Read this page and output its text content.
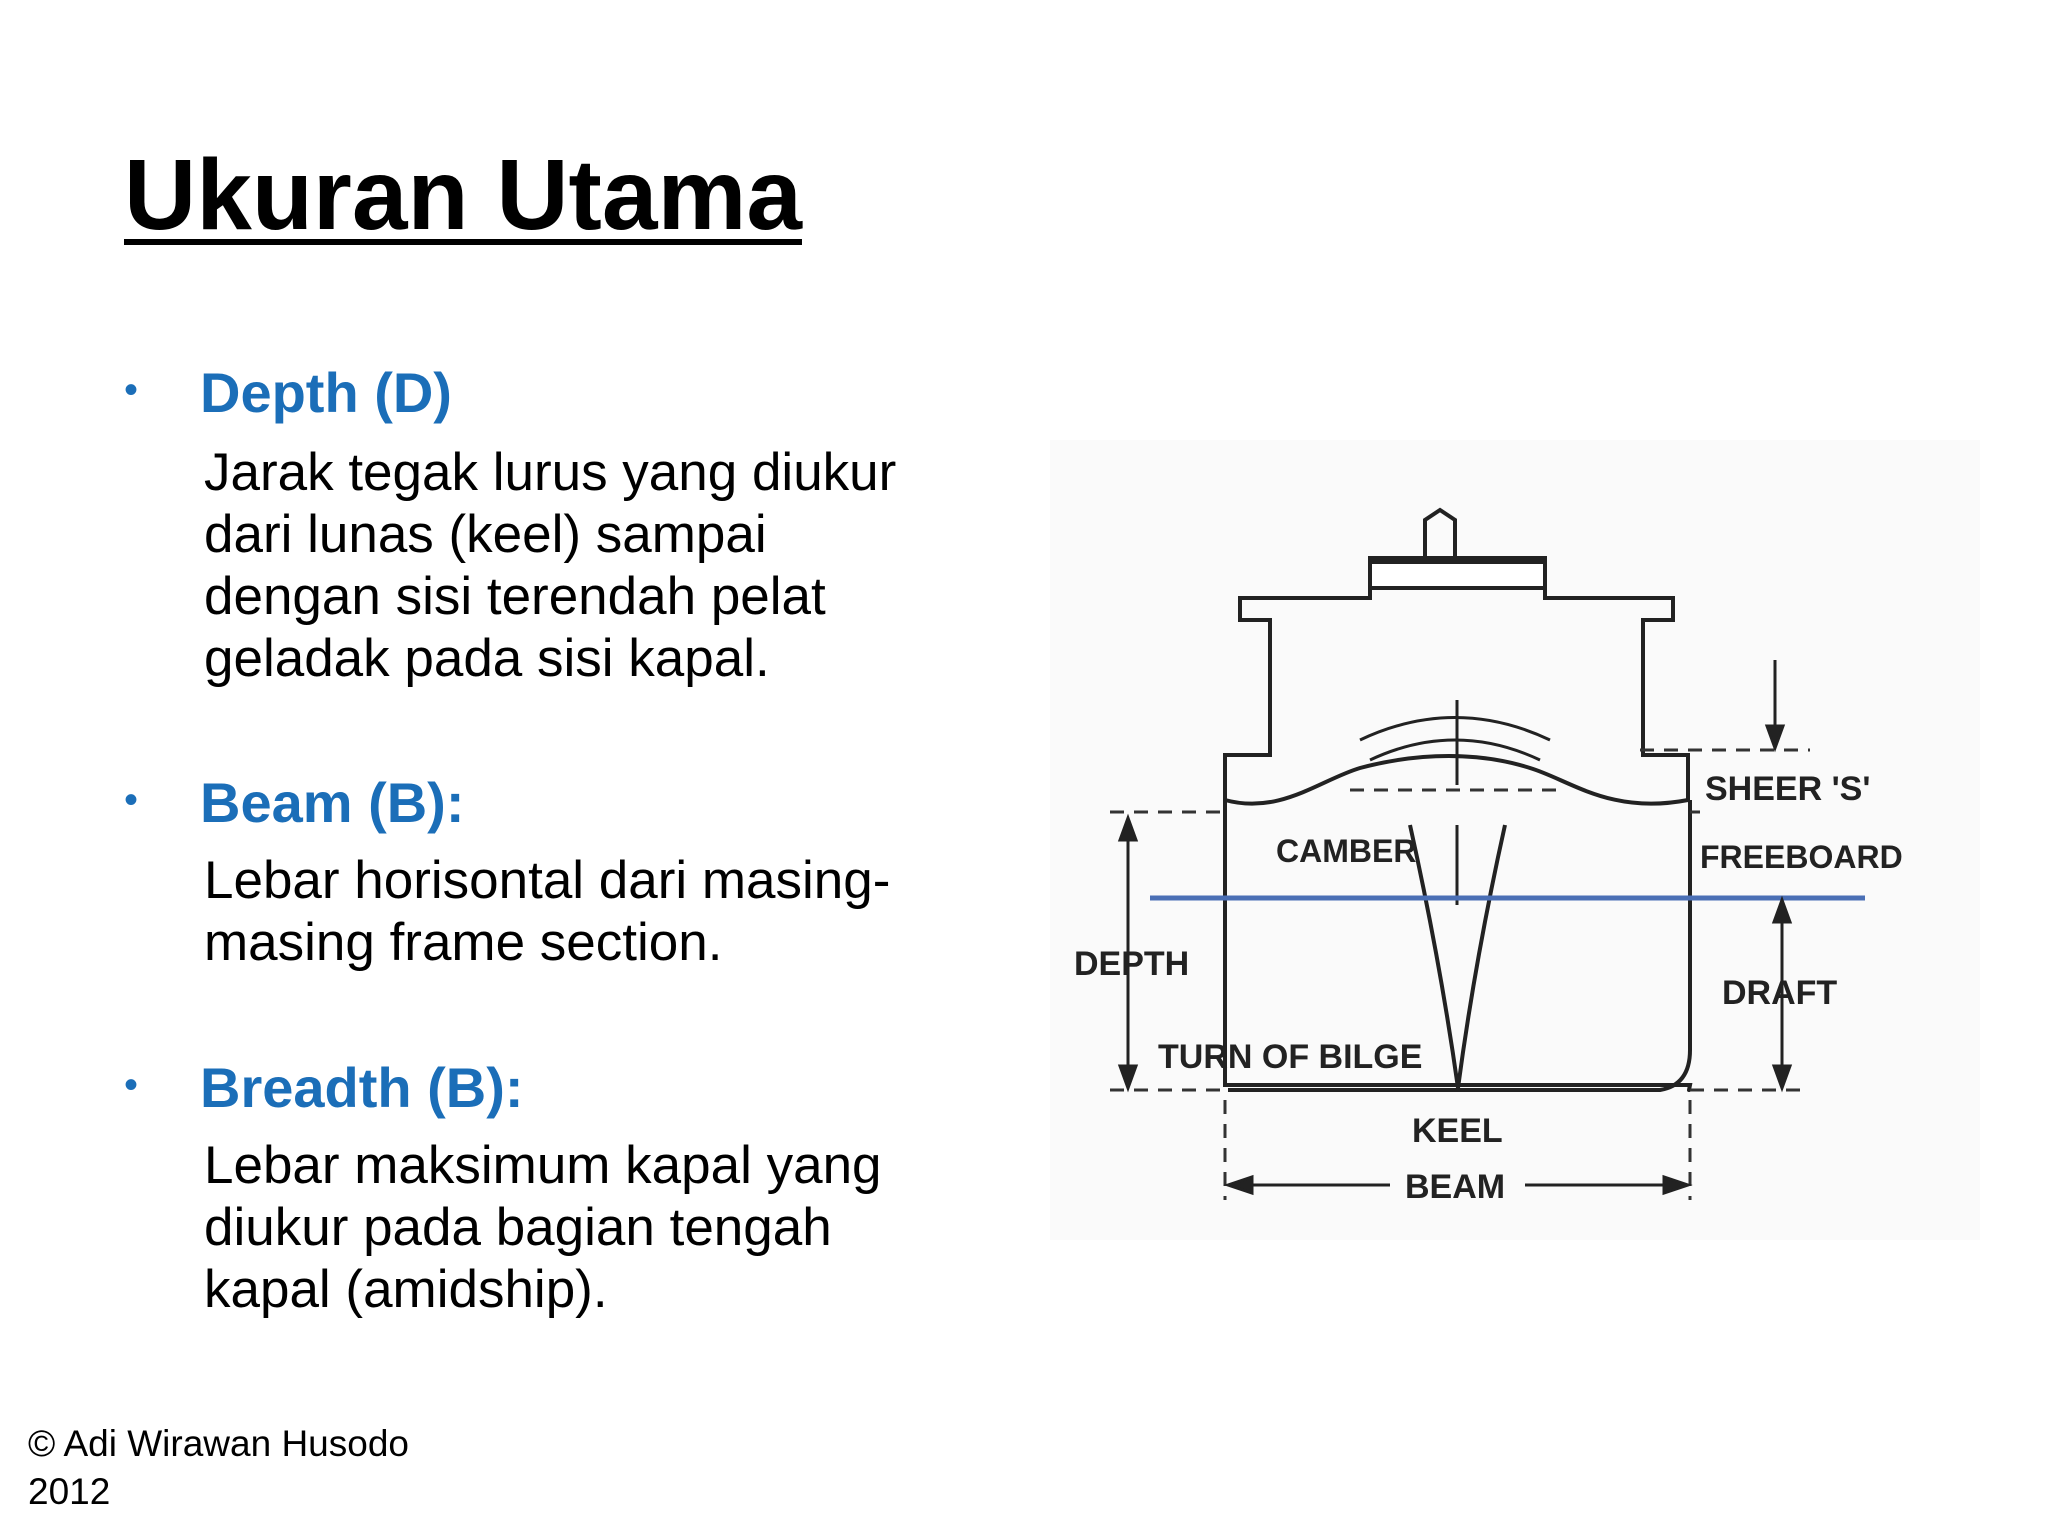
Ukuran Utama
• Depth (D)
Jarak tegak lurus yang diukur
dari lunas (keel) sampai
dengan sisi terendah pelat
geladak pada sisi kapal.
• Beam (B):
Lebar horisontal dari masing-
masing frame section.
• Breadth (B):
Lebar maksimum kapal yang
diukur pada bagian tengah
kapal (amidship).
SHEER 'S'
CAMBER	FREEBOARD
DEPTH
DRAFT
TURN OF BILGE
KEEL
BEAM
© Adi Wirawan Husodo
2012
